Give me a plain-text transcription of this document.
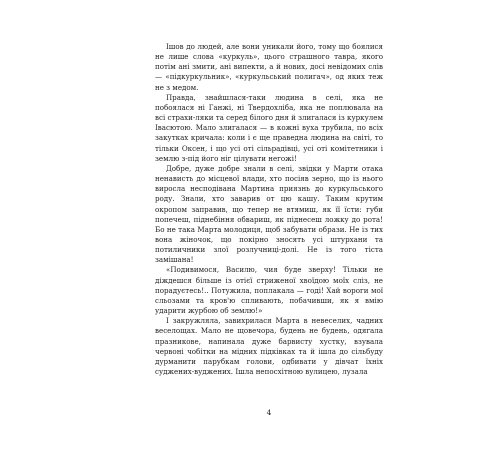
Ішов до людей, але вони уникали його, тому що боялися не лише слова «куркуль», цього страшного тавра, якого потім ані змити, ані випекти, а й нових, досі невідомих слів — «підкуркульник», «куркульський полигач», од яких теж не з медом.

Правда, знайшлася-таки людина в селі, яка не побоялася ні Ганжі, ні Твердохліба, яка не поплювала на всі страхи-ляки та серед білого дня й злигалася із куркулем Івасютою. Мало злигалася — в кожні вуха трубила, по всіх закутках кричала: коли і є ще праведна людина на світі, то тільки Оксен, і що усі оті сільрадівці, усі оті комітетники і землю з-під його ніг цілувати негожі!

Добре, дуже добре знали в селі, звідки у Марти отака ненависть до місцевої влади, хто посіяв зерно, що із нього виросла несподівана Мартина приязнь до куркульського роду. Знали, хто заварив от цю кашу. Таким крутим окропом заправив, що тепер не втямиш, як її їсти: губи попечеш, піднебіння обвариш, як піднесеш ложку до рота! Бо не така Марта молодиця, щоб забувати образи. Не із тих вона жіночок, що покірно зносять усі штурхани та потиличники злої розлучниці-долі. Не із того тіста замішана!

«Подивимося, Василю, чия буде зверху! Тільки не діждешся більше із отієї стриженої хвоїдою моїх сліз, не порадуєтесь!.. Потужила, поплакала — годі! Хай вороги мої сльозами та кров'ю спливають, побачивши, як я вмію ударити журбою об землю!»

І закружляла, завихрилася Марта в невеселих, чадних веселощах. Мало не щовечора, будень не будень, одягала празникове, напинала дуже барвисту хустку, взувала червоні чобітки на мідних підківках та й ішла до сільбуду дурманити парубкам голови, одбивати у дівчат їхніх суджених-вуджених. Ішла непосхітною вулицею, лузала

4
